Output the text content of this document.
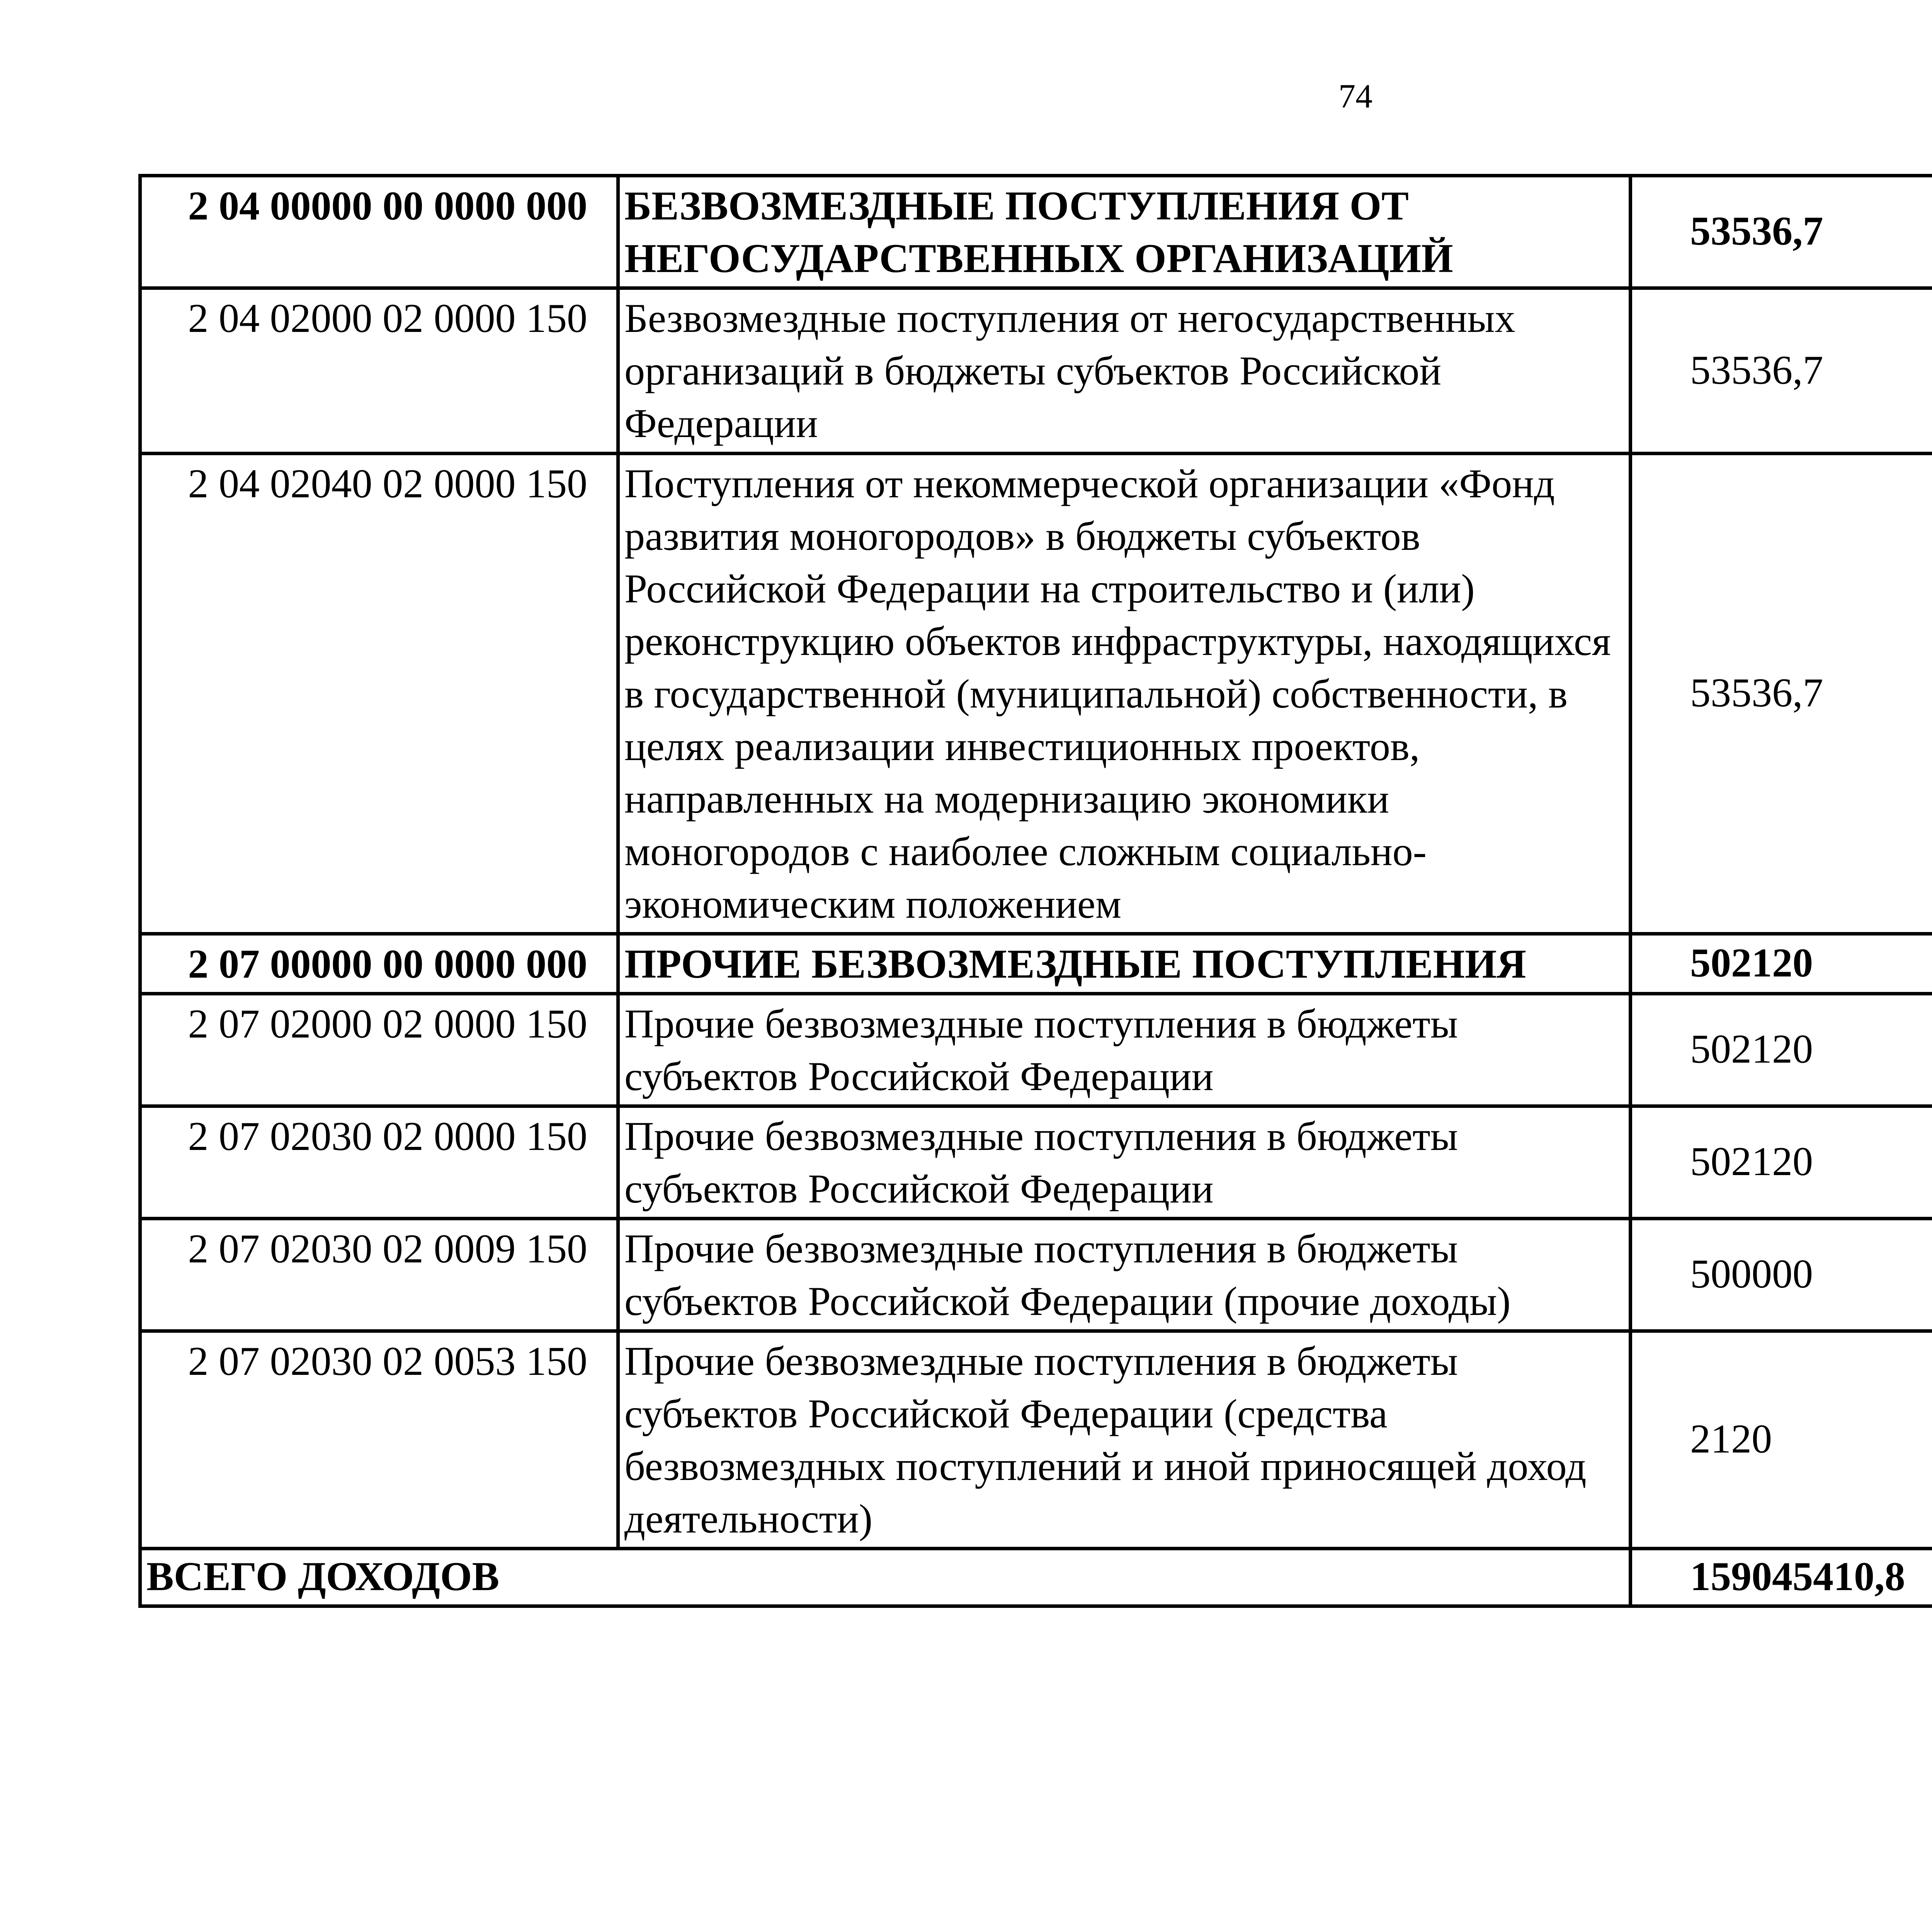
74
2 04 00000 00 0000 000	БЕЗВОЗМЕЗДНЫЕ ПОСТУПЛЕНИЯ ОТ НЕГОСУДАРСТВЕННЫХ ОРГАНИЗАЦИЙ	53536,7		
2 04 02000 02 0000 150	Безвозмездные поступления от негосударственных организаций в бюджеты субъектов Российской Федерации	53536,7		
2 04 02040 02 0000 150	Поступления от некоммерческой организации «Фонд развития моногородов» в бюджеты субъектов Российской Федерации на строительство и (или) реконструкцию объектов инфраструктуры, находящихся в государственной (муниципальной) собственности, в целях реализации инвестиционных проектов, направленных на модернизацию экономики моногородов с наиболее сложным социально-экономическим положением	53536,7		
2 07 00000 00 0000 000	ПРОЧИЕ БЕЗВОЗМЕЗДНЫЕ ПОСТУПЛЕНИЯ	502120		
2 07 02000 02 0000 150	Прочие безвозмездные поступления в бюджеты субъектов Российской Федерации	502120		
2 07 02030 02 0000 150	Прочие безвозмездные поступления в бюджеты субъектов Российской Федерации	502120		
2 07 02030 02 0009 150	Прочие безвозмездные поступления в бюджеты субъектов Российской Федерации (прочие доходы)	500000		
2 07 02030 02 0053 150	Прочие безвозмездные поступления в бюджеты субъектов Российской Федерации (средства безвозмездных поступлений и иной приносящей доход деятельности)	2120		
ВСЕГО ДОХОДОВ		159045410,8		
